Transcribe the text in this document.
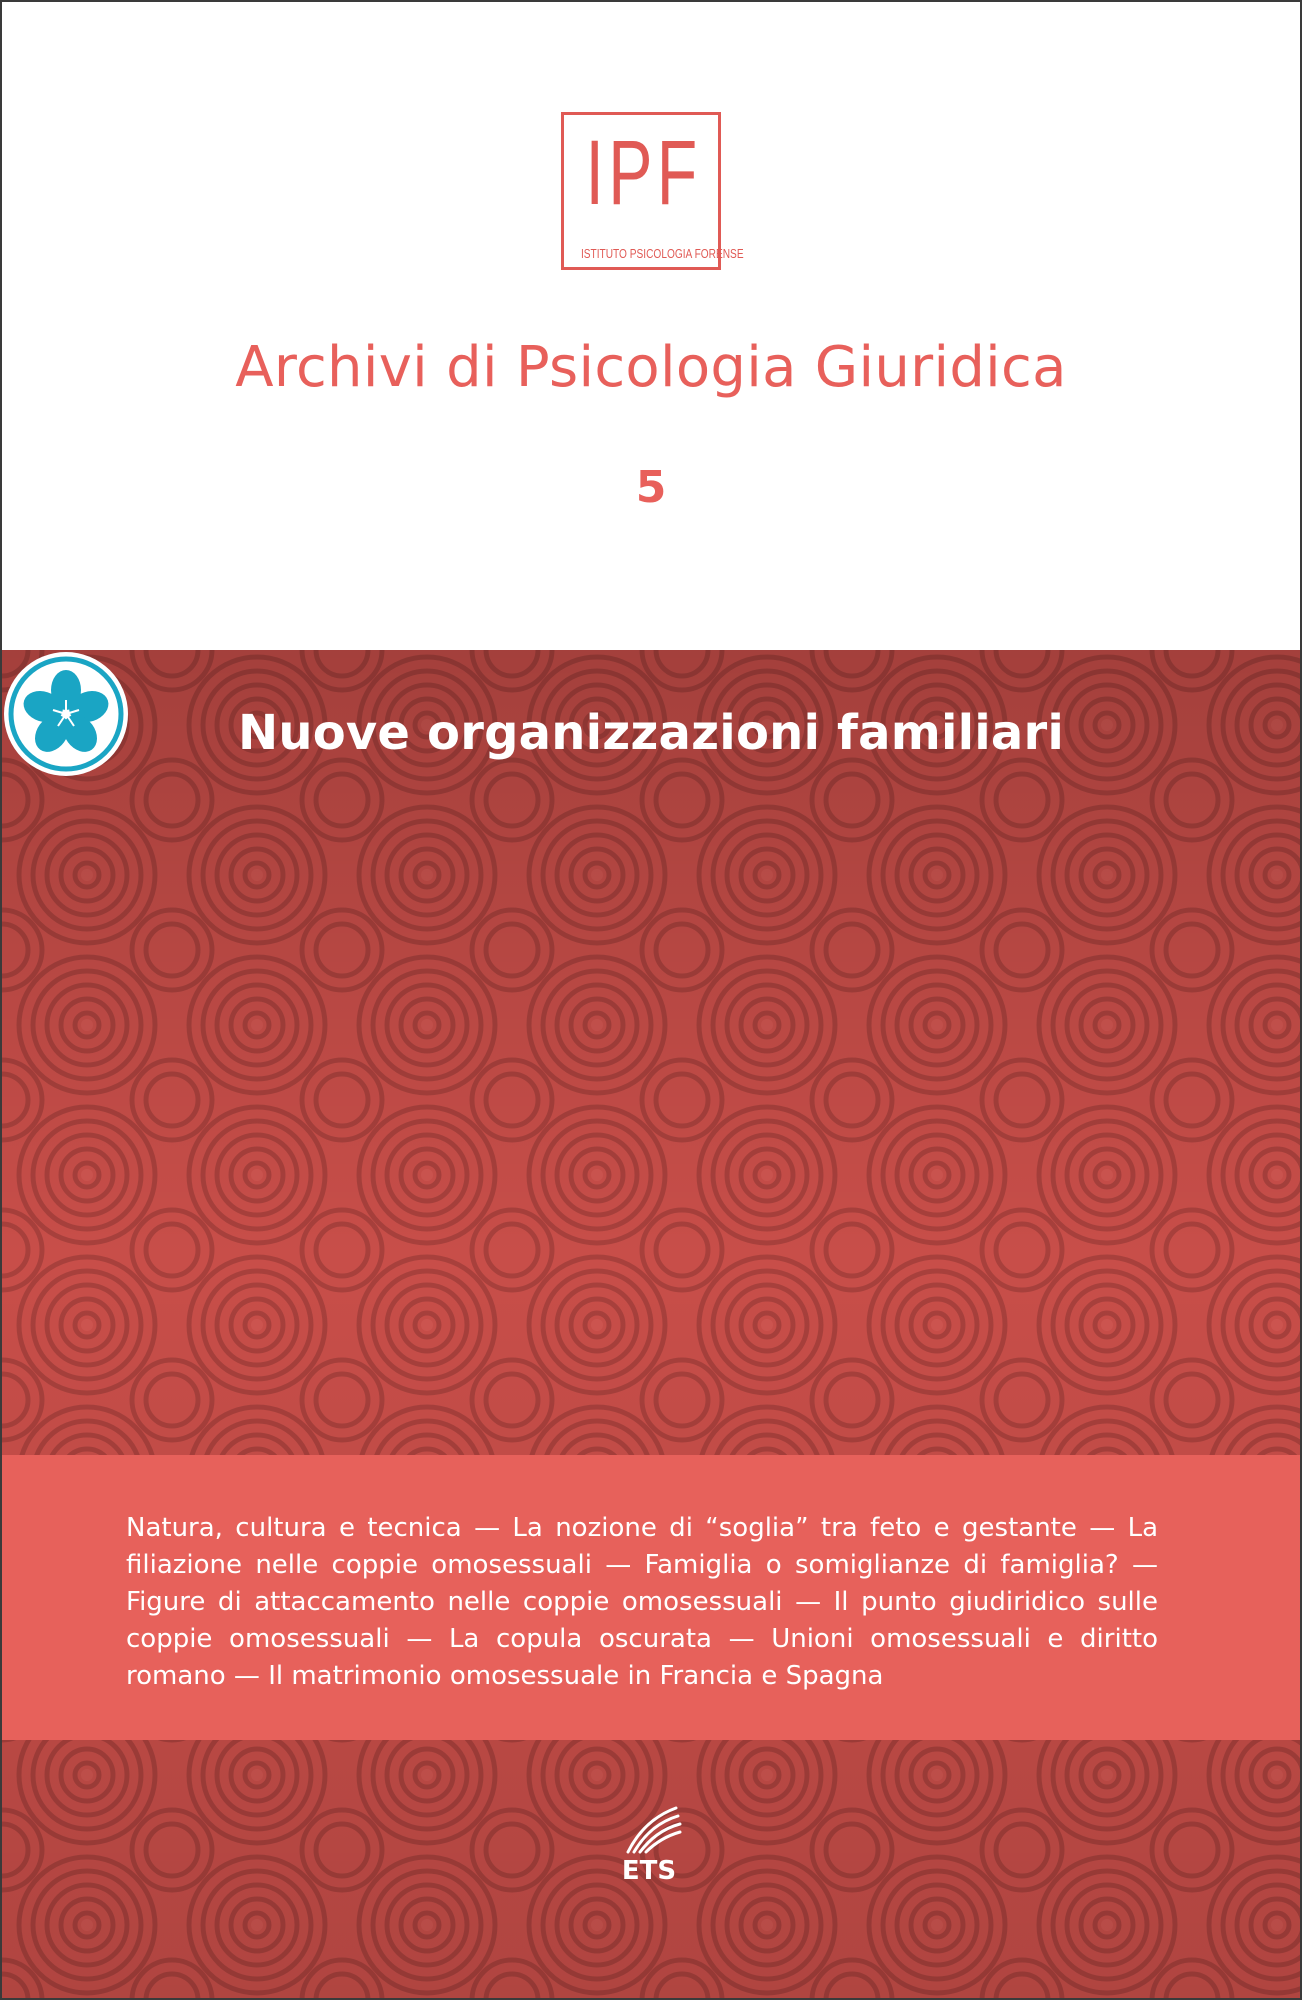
IPF
ISTITUTO PSICOLOGIA FORENSE
Archivi di Psicologia Giuridica
5
Nuove organizzazioni familiari
Natura, cultura e tecnica — La nozione di “soglia” tra feto e gestante — La filiazione nelle coppie omosessuali — Famiglia o somiglianze di famiglia? — Figure di attaccamento nelle coppie omosessuali — Il punto giudiridico sulle coppie omosessuali — La copula oscurata — Unioni omosessuali e diritto romano — Il matrimonio omosessuale in Francia e Spagna
ETS
